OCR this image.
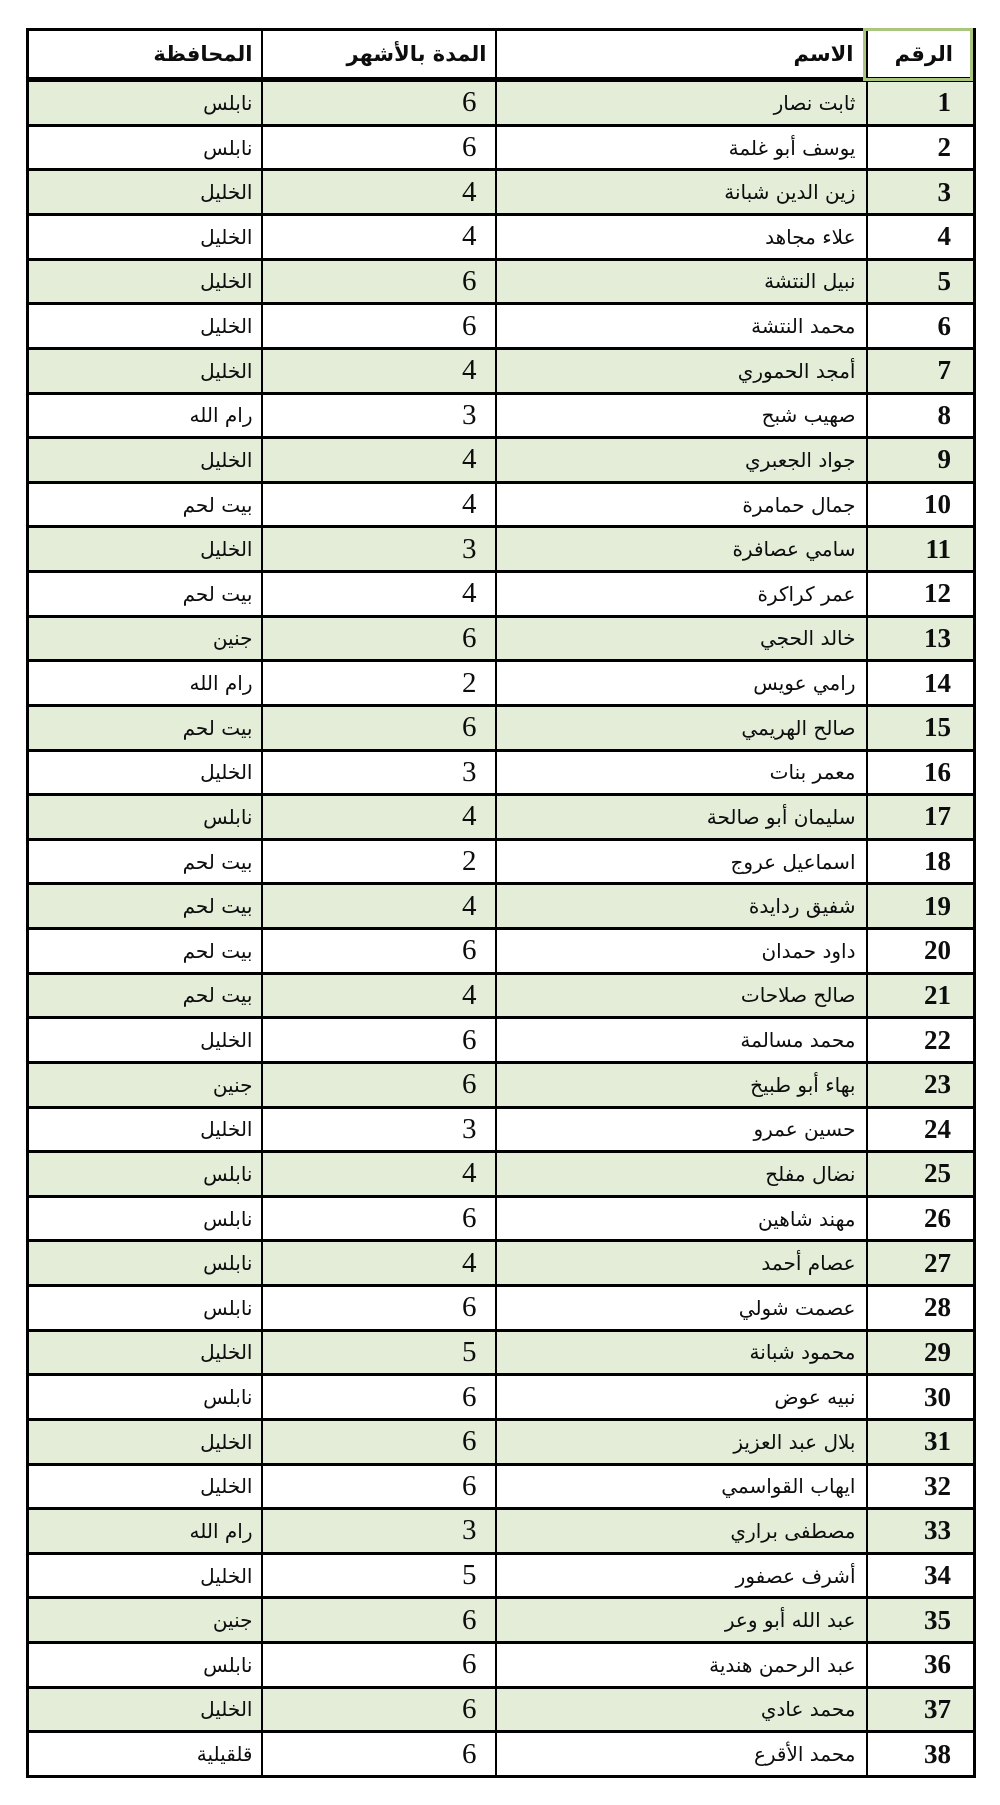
الرقم	الاسم	المدة بالأشهر	المحافظة
1	ثابت نصار	6	نابلس
2	يوسف أبو غلمة	6	نابلس
3	زين الدين شبانة	4	الخليل
4	علاء مجاهد	4	الخليل
5	نبيل النتشة	6	الخليل
6	محمد النتشة	6	الخليل
7	أمجد الحموري	4	الخليل
8	صهيب شبح	3	رام الله
9	جواد الجعبري	4	الخليل
10	جمال حمامرة	4	بيت لحم
11	سامي عصافرة	3	الخليل
12	عمر كراكرة	4	بيت لحم
13	خالد الحجي	6	جنين
14	رامي عويس	2	رام الله
15	صالح الهريمي	6	بيت لحم
16	معمر بنات	3	الخليل
17	سليمان أبو صالحة	4	نابلس
18	اسماعيل عروج	2	بيت لحم
19	شفيق ردايدة	4	بيت لحم
20	داود حمدان	6	بيت لحم
21	صالح صلاحات	4	بيت لحم
22	محمد مسالمة	6	الخليل
23	بهاء أبو طبيخ	6	جنين
24	حسين عمرو	3	الخليل
25	نضال مفلح	4	نابلس
26	مهند شاهين	6	نابلس
27	عصام أحمد	4	نابلس
28	عصمت شولي	6	نابلس
29	محمود شبانة	5	الخليل
30	نبيه عوض	6	نابلس
31	بلال عبد العزيز	6	الخليل
32	ايهاب القواسمي	6	الخليل
33	مصطفى براري	3	رام الله
34	أشرف عصفور	5	الخليل
35	عبد الله أبو وعر	6	جنين
36	عبد الرحمن هندية	6	نابلس
37	محمد عادي	6	الخليل
38	محمد الأقرع	6	قلقيلية
